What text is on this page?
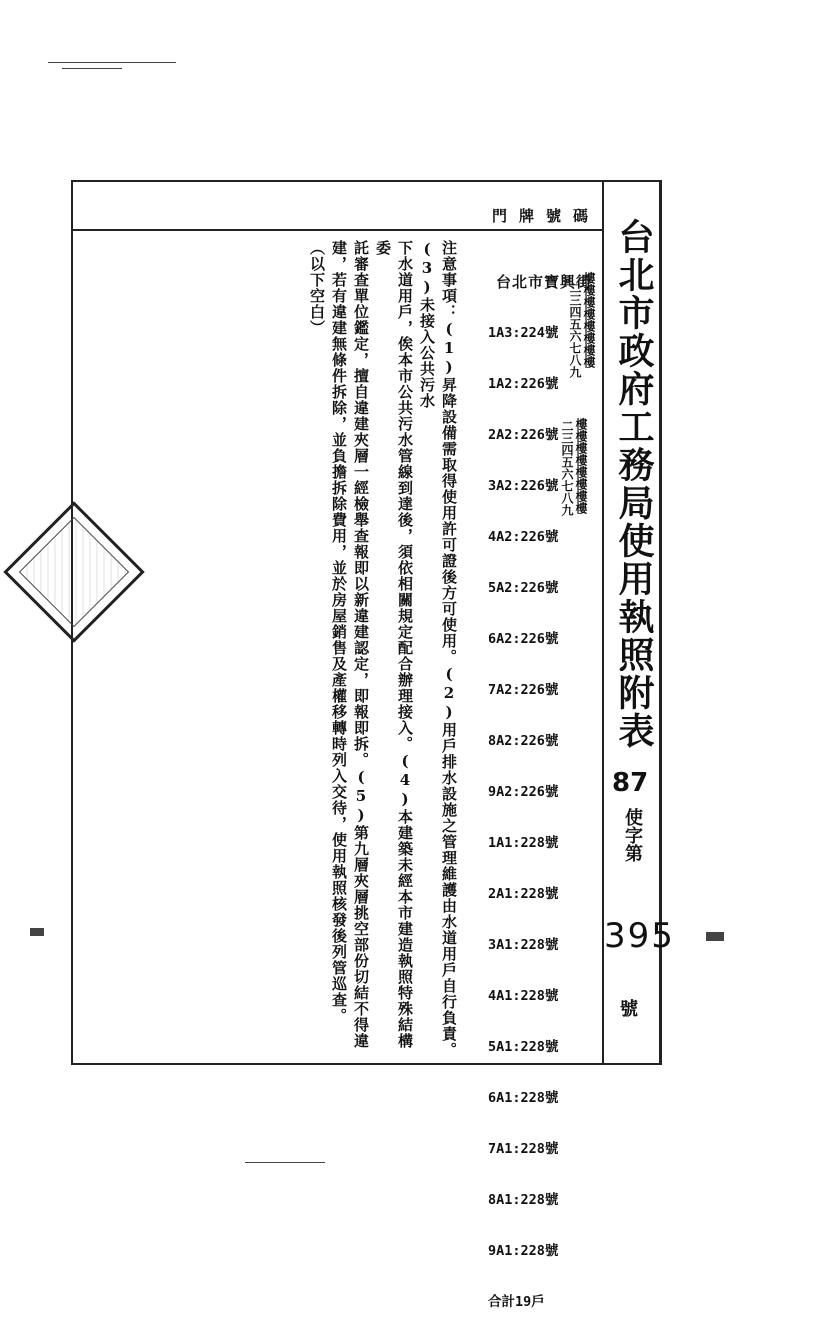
台北市政府工務局使用執照附表
門牌號碼

台北市寶興街

1A3:224號

1A2:226號

2A2:226號

3A2:226號

4A2:226號

5A2:226號

6A2:226號

7A2:226號

8A2:226號

9A2:226號

1A1:228號

2A1:228號

3A1:228號

4A1:228號

5A1:228號

6A1:228號

7A1:228號

8A1:228號

9A1:228號

合計19戶

二三四五六七八九 樓樓樓樓樓樓樓樓
二三四五六七八九 樓樓樓樓樓樓樓樓
注意事項：(1)昇降設備需取得使用許可證後方可使用。(2)用戶排水設施之管理維護由水道用戶自行負責。(3)未接入公共污水
下水道用戶，俟本市公共污水管線到達後，須依相關規定配合辦理接入。(4)本建築未經本市建造執照特殊結構委
託審查單位鑑定，擅自違建夾層一經檢舉查報即以新違建認定，即報即拆。(5)第九層夾層挑空部份切結不得違
建，若有違建無條件拆除，並負擔拆除費用，並於房屋銷售及產權移轉時列入交待，使用執照核發後列管巡查。
（以下空白）
87
使字第
395
號
